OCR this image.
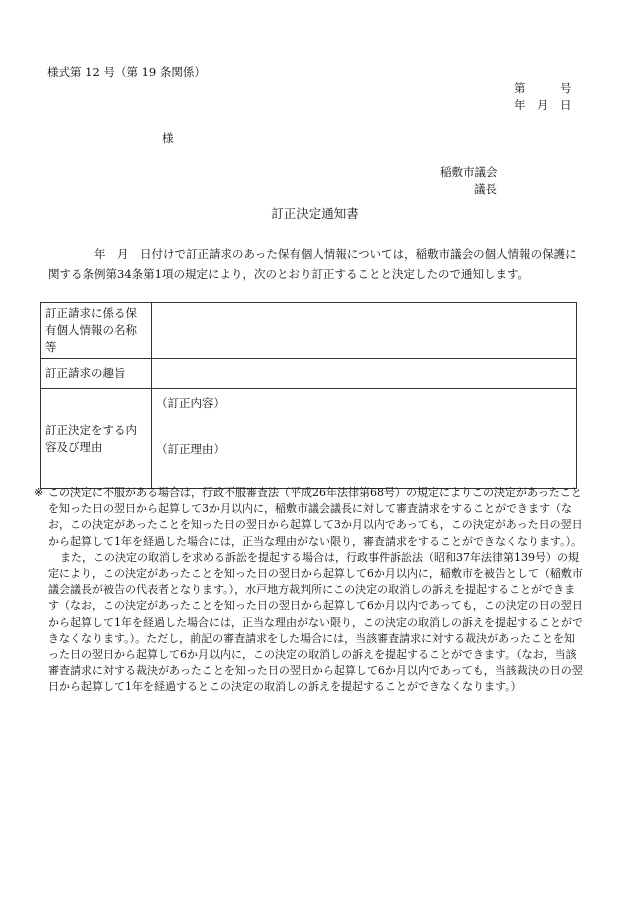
様式第 12 号（第 19 条関係）
第　　　号
年　月　日
様
稲敷市議会
議長
訂正決定通知書
年　月　日付けで訂正請求のあった保有個人情報については，稲敷市議会の個人情報の保護に関する条例第34条第1項の規定により，次のとおり訂正することと決定したので通知します。
訂正請求に係る保有個人情報の名称等	
訂正請求の趣旨	
訂正決定をする内容及び理由	（訂正内容）
（訂正理由）
※ この決定に不服がある場合は，行政不服審査法（平成26年法律第68号）の規定によりこの決定があったことを知った日の翌日から起算して3か月以内に，稲敷市議会議長に対して審査請求をすることができます（なお，この決定があったことを知った日の翌日から起算して3か月以内であっても，この決定があった日の翌日から起算して1年を経過した場合には，正当な理由がない限り，審査請求をすることができなくなります。）。

また，この決定の取消しを求める訴訟を提起する場合は，行政事件訴訟法（昭和37年法律第139号）の規定により，この決定があったことを知った日の翌日から起算して6か月以内に，稲敷市を被告として（稲敷市議会議長が被告の代表者となります。），水戸地方裁判所にこの決定の取消しの訴えを提起することができます（なお，この決定があったことを知った日の翌日から起算して6か月以内であっても，この決定の日の翌日から起算して1年を経過した場合には，正当な理由がない限り，この決定の取消しの訴えを提起することができなくなります。）。ただし，前記の審査請求をした場合には，当該審査請求に対する裁決があったことを知った日の翌日から起算して6か月以内に，この決定の取消しの訴えを提起することができます。（なお，当該審査請求に対する裁決があったことを知った日の翌日から起算して6か月以内であっても，当該裁決の日の翌日から起算して1年を経過するとこの決定の取消しの訴えを提起することができなくなります。）
